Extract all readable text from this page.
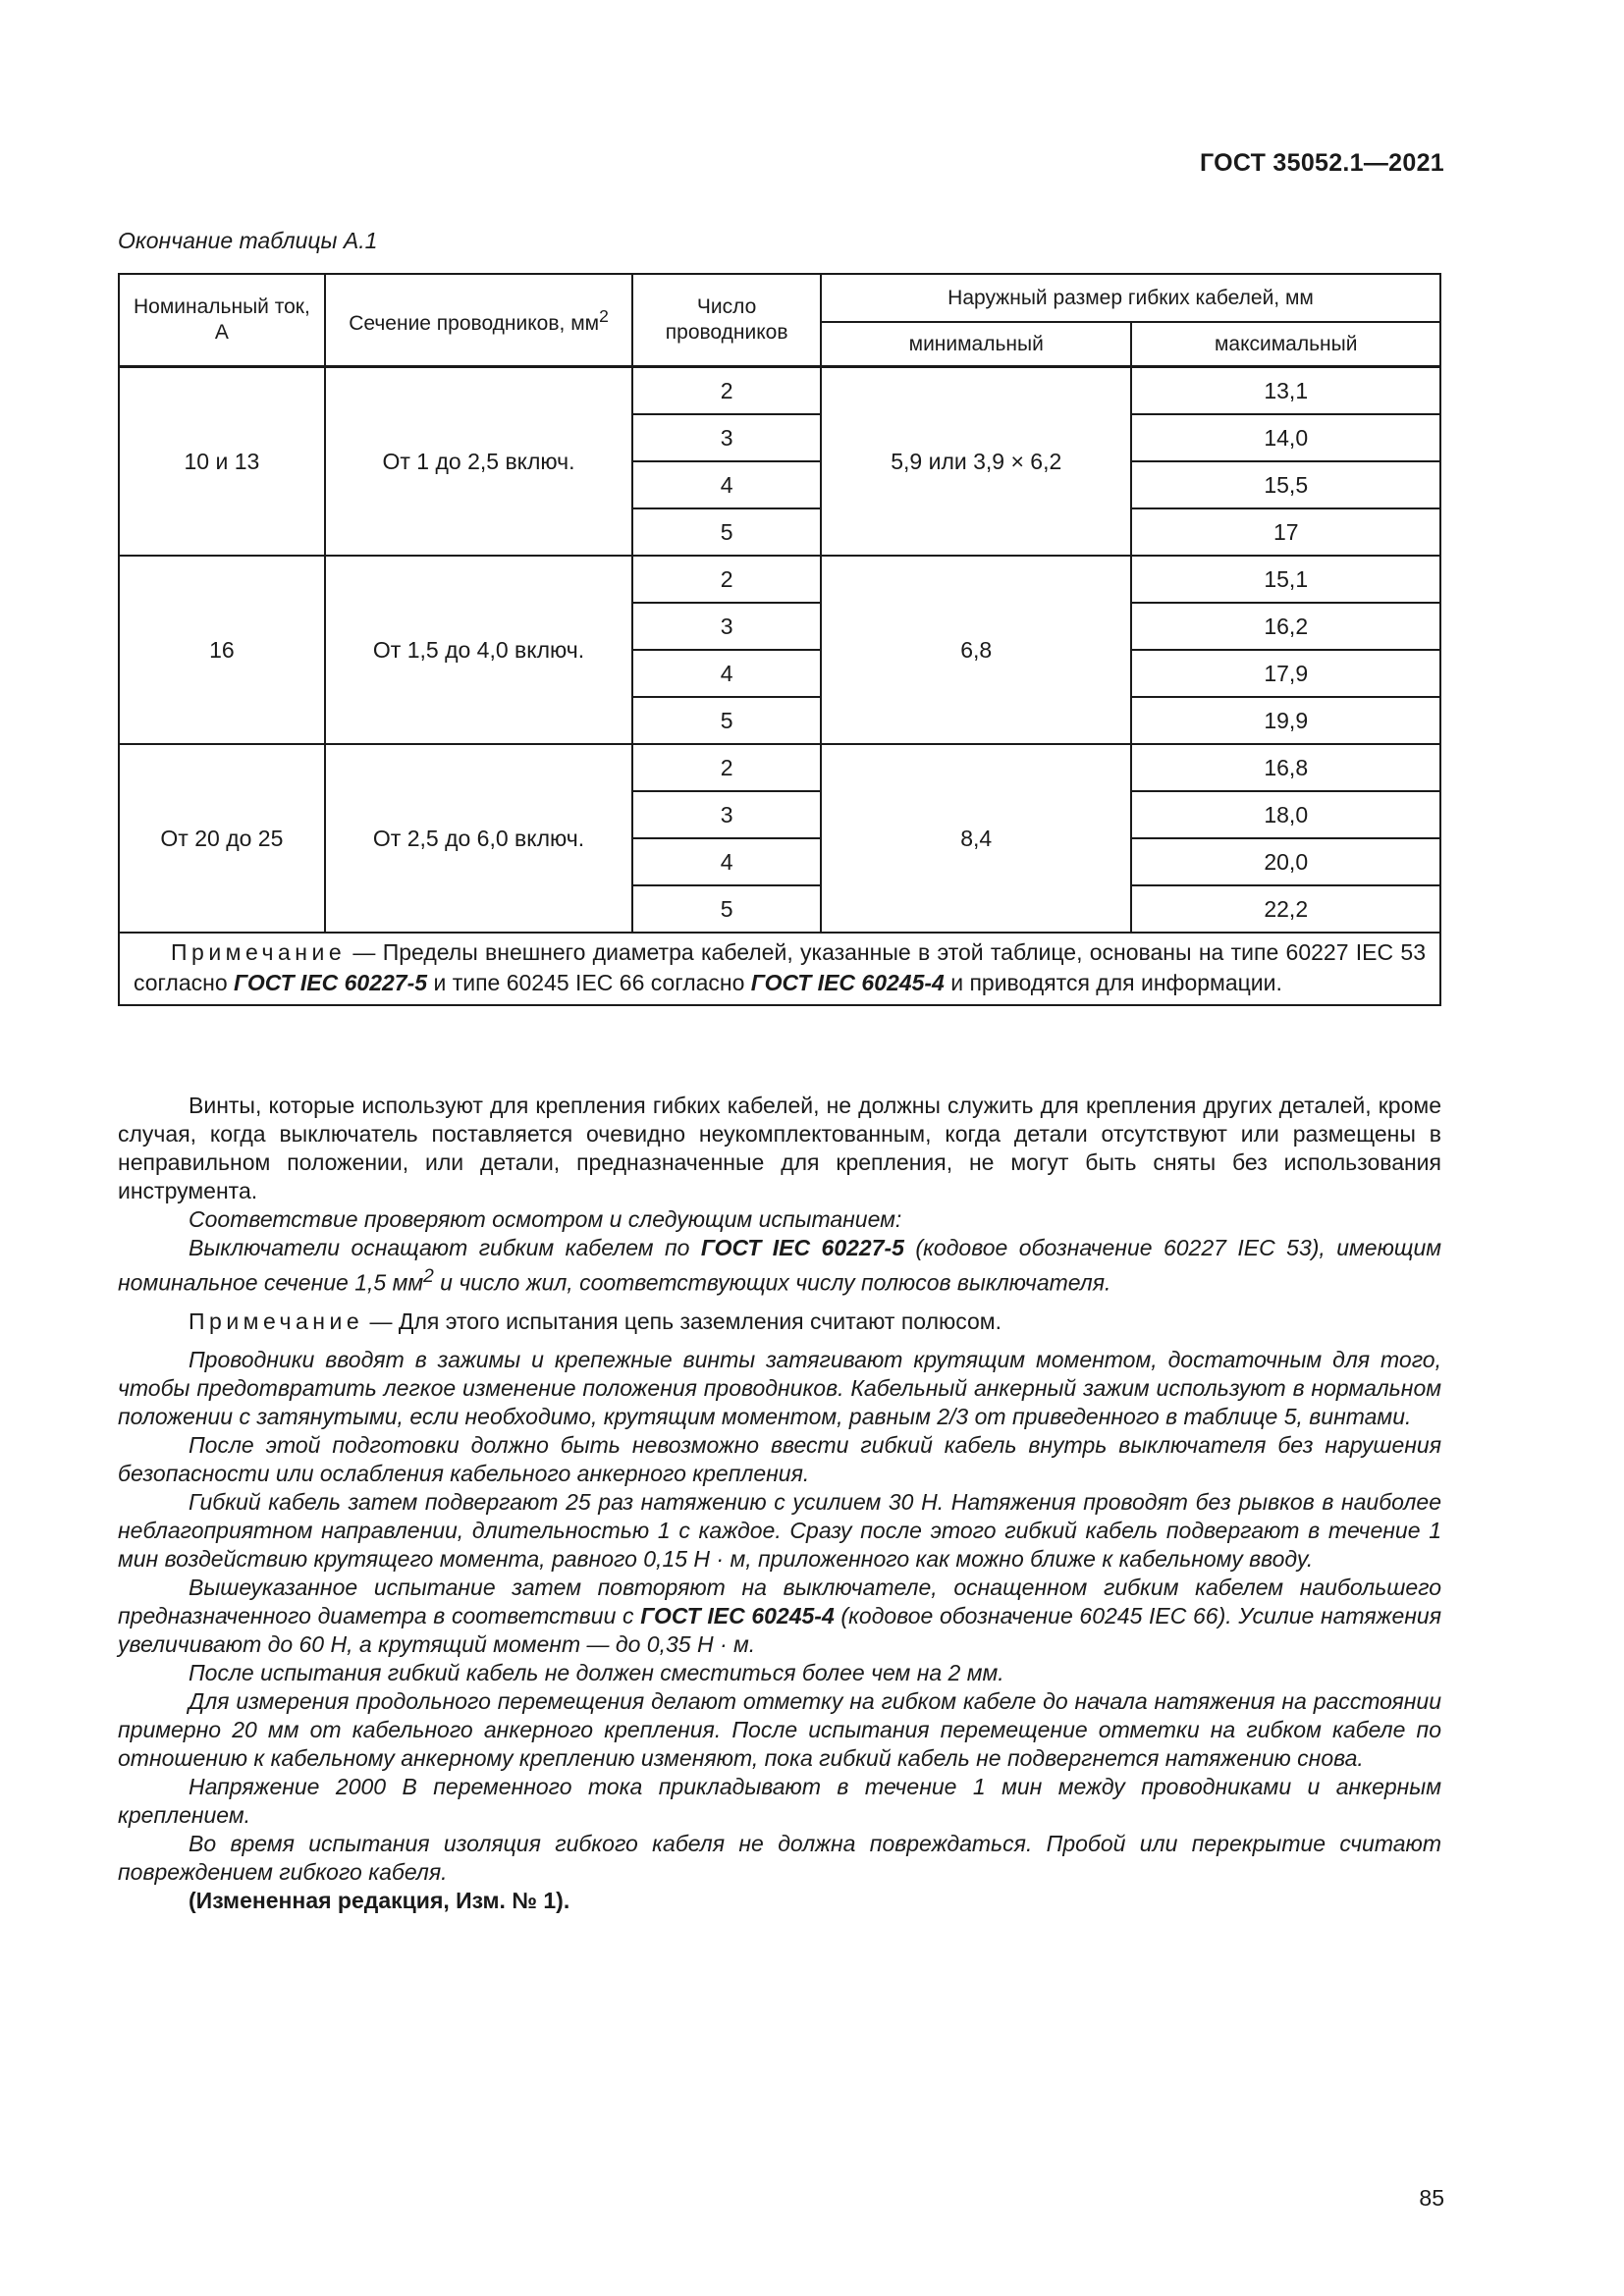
ГОСТ 35052.1—2021
Окончание таблицы А.1
Номинальный ток, А	Сечение проводников, $мм^2$	Число проводников	Наружный размер гибких кабелей, мм	
			минимальный	максимальный
10 и 13	От 1 до 2,5 включ.	2	5,9 или 3,9 × 6,2	13,1
		3		14,0
		4		15,5
		5		17
16	От 1,5 до 4,0 включ.	2	6,8	15,1
		3		16,2
		4		17,9
		5		19,9
От 20 до 25	От 2,5 до 6,0 включ.	2	8,4	16,8
		3		18,0
		4		20,0
		5		22,2
Примечание — Пределы внешнего диаметра кабелей, указанные в этой таблице, основаны на типе 60227 IEC 53 согласно ГОСТ IEC 60227-5 и типе 60245 IEC 66 согласно ГОСТ IEC 60245-4 и приводятся для информации.				

Винты, которые используют для крепления гибких кабелей, не должны служить для крепления других деталей, кроме случая, когда выключатель поставляется очевидно неукомплектованным, когда детали отсутствуют или размещены в неправильном положении, или детали, предназначенные для крепления, не могут быть сняты без использования инструмента.

Соответствие проверяют осмотром и следующим испытанием:

Выключатели оснащают гибким кабелем по ГОСТ IEC 60227-5 (кодовое обозначение 60227 IEC 53), имеющим номинальное сечение 1,5 $мм^2$ и число жил, соответствующих числу полюсов выключателя.

Примечание — Для этого испытания цепь заземления считают полюсом.

Проводники вводят в зажимы и крепежные винты затягивают крутящим моментом, достаточным для того, чтобы предотвратить легкое изменение положения проводников. Кабельный анкерный зажим используют в нормальном положении с затянутыми, если необходимо, крутящим моментом, равным 2/3 от приведенного в таблице 5, винтами.

После этой подготовки должно быть невозможно ввести гибкий кабель внутрь выключателя без нарушения безопасности или ослабления кабельного анкерного крепления.

Гибкий кабель затем подвергают 25 раз натяжению с усилием 30 Н. Натяжения проводят без рывков в наиболее неблагоприятном направлении, длительностью 1 с каждое. Сразу после этого гибкий кабель подвергают в течение 1 мин воздействию крутящего момента, равного 0,15 Н · м, приложенного как можно ближе к кабельному вводу.

Вышеуказанное испытание затем повторяют на выключателе, оснащенном гибким кабелем наибольшего предназначенного диаметра в соответствии с ГОСТ IEC 60245-4 (кодовое обозначение 60245 IEC 66). Усилие натяжения увеличивают до 60 Н, а крутящий момент — до 0,35 Н · м.

После испытания гибкий кабель не должен сместиться более чем на 2 мм.

Для измерения продольного перемещения делают отметку на гибком кабеле до начала натяжения на расстоянии примерно 20 мм от кабельного анкерного крепления. После испытания перемещение отметки на гибком кабеле по отношению к кабельному анкерному креплению изменяют, пока гибкий кабель не подвергнется натяжению снова.

Напряжение 2000 В переменного тока прикладывают в течение 1 мин между проводниками и анкерным креплением.

Во время испытания изоляция гибкого кабеля не должна повреждаться. Пробой или перекрытие считают повреждением гибкого кабеля.

(Измененная редакция, Изм. № 1).

85
